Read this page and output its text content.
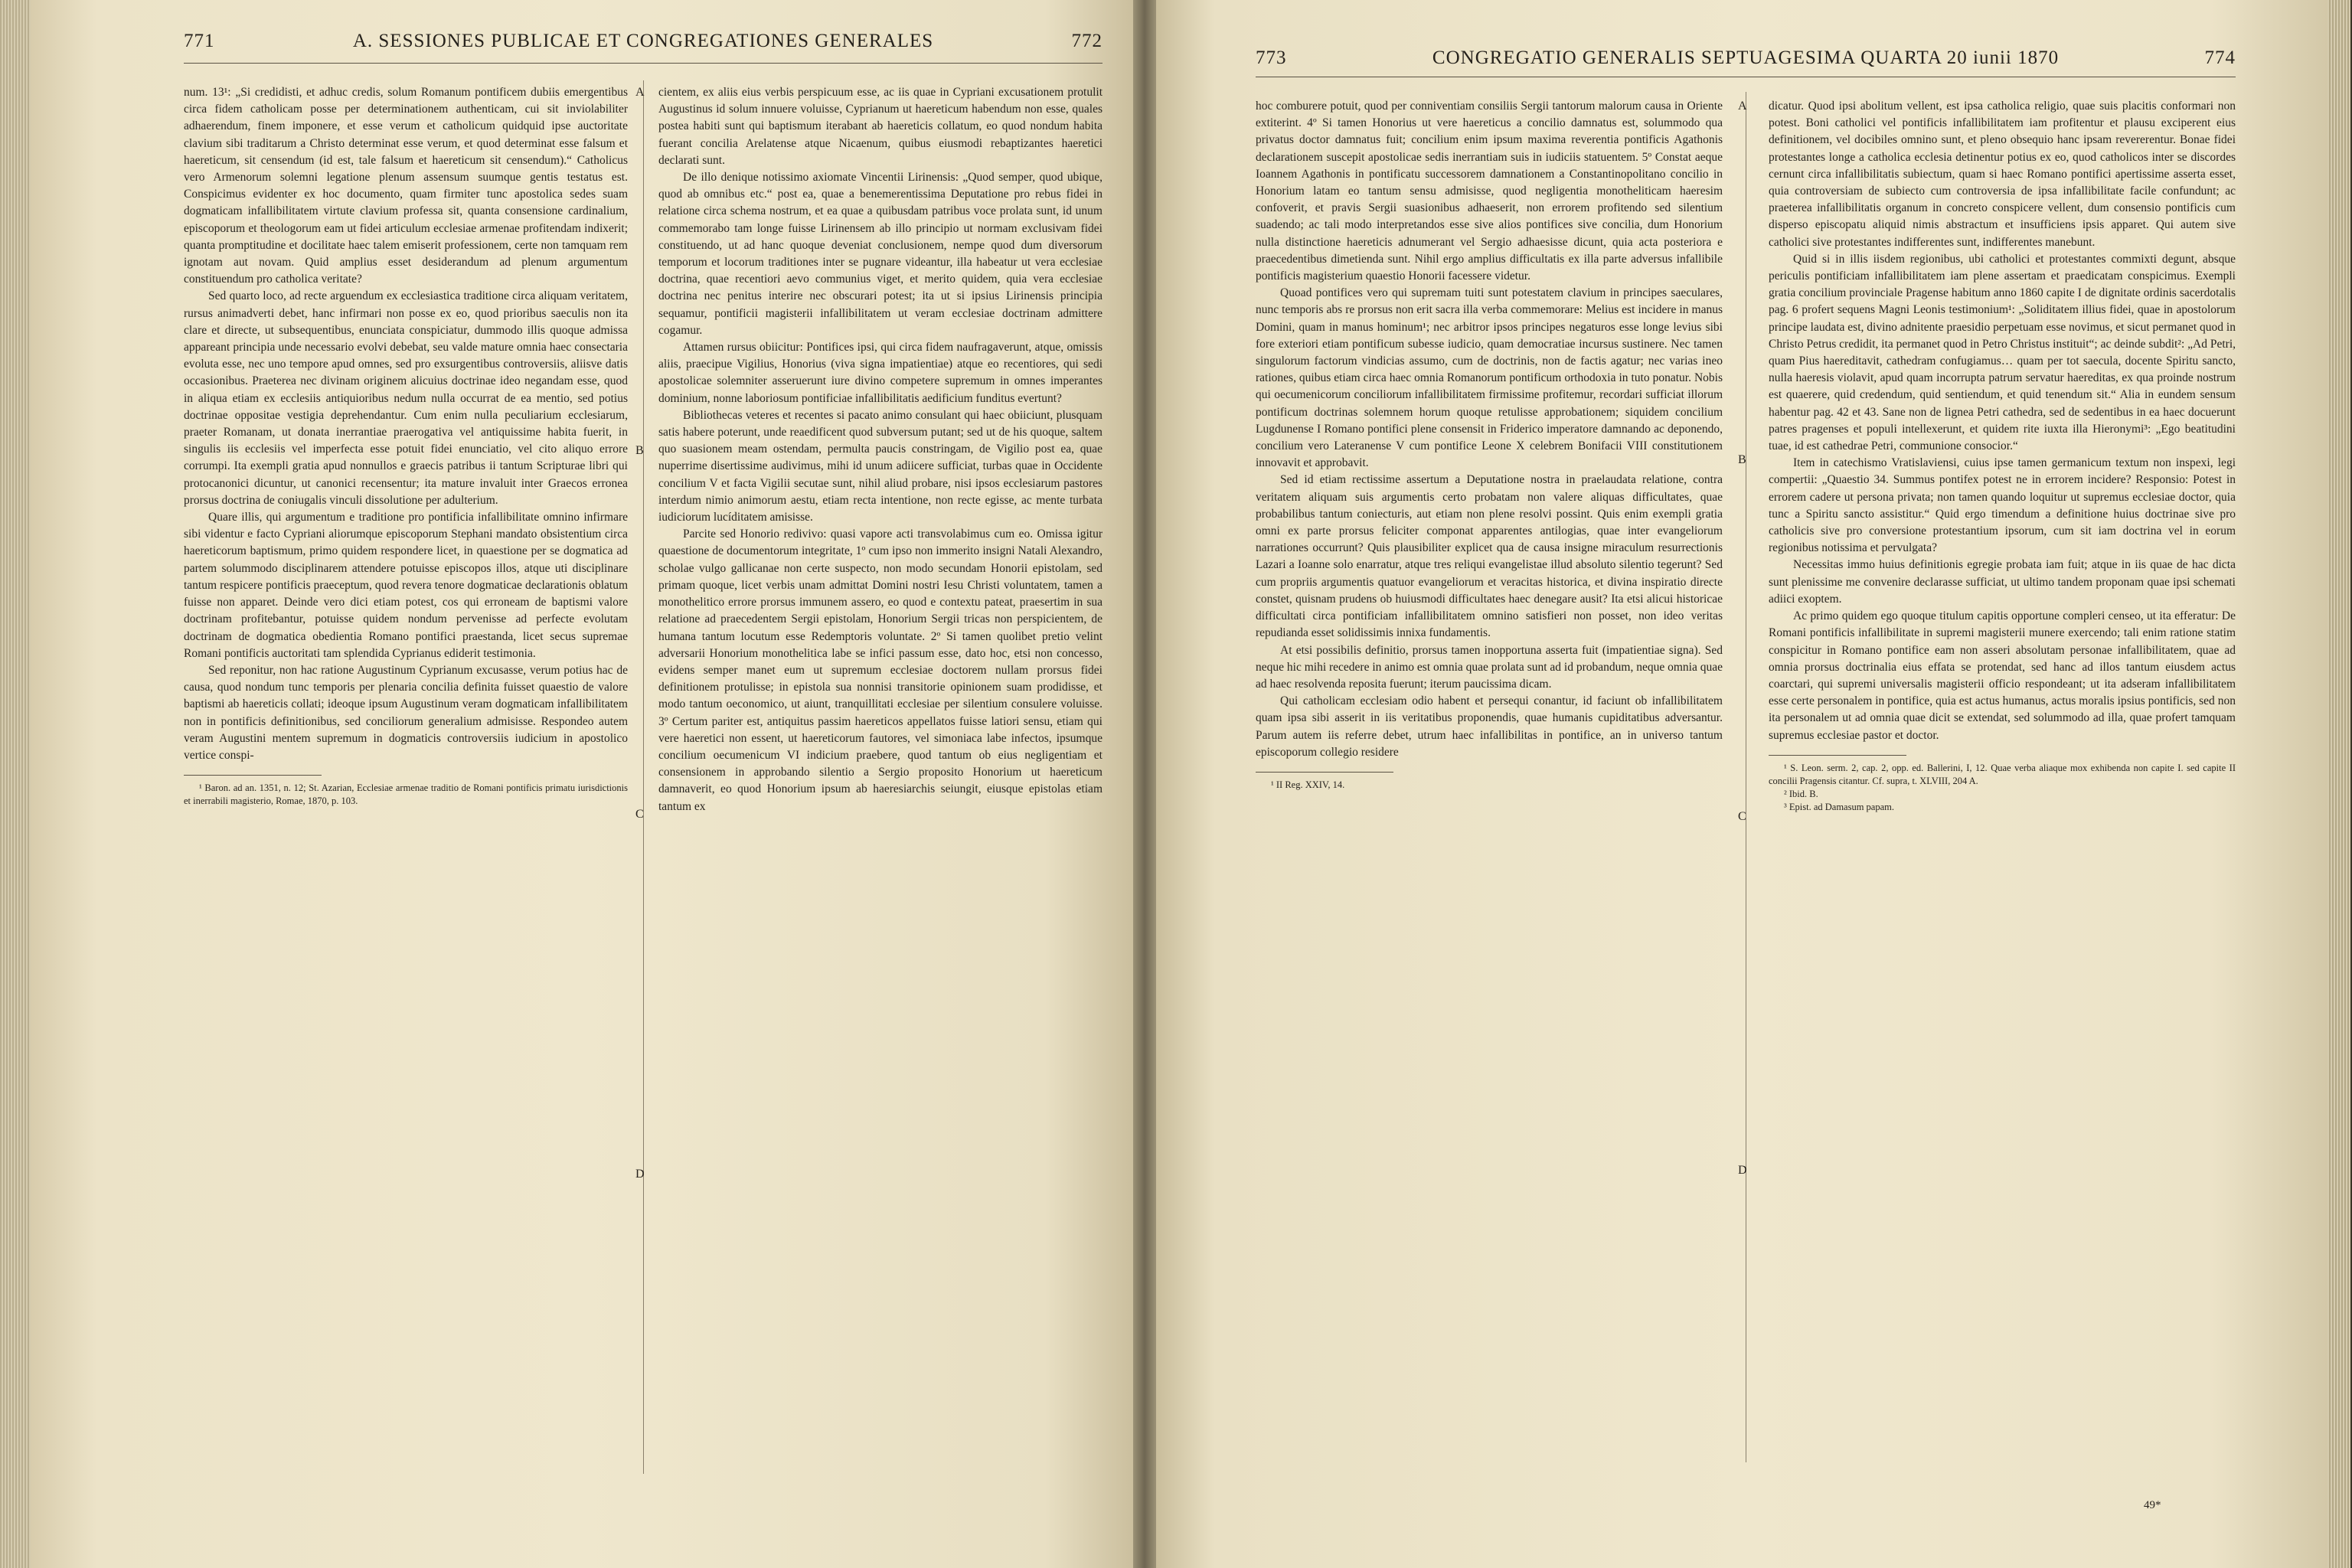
771	A. SESSIONES PUBLICAE ET CONGREGATIONES GENERALES	772
A
B
C
D

num. 13¹: „Si credidisti, et adhuc credis, solum Romanum pontificem dubiis emergentibus circa fidem catholicam posse per determinationem authenticam, cui sit inviolabiliter adhaerendum, finem imponere, et esse verum et catholicum quidquid ipse auctoritate clavium sibi traditarum a Christo determinat esse verum, et quod determinat esse falsum et haereticum, sit censendum (id est, tale falsum et haereticum sit censendum).“ Catholicus vero Armenorum solemni legatione plenum assensum suumque gentis testatus est. Conspicimus evidenter ex hoc documento, quam firmiter tunc apostolica sedes suam dogmaticam infallibilitatem virtute clavium professa sit, quanta consensione cardinalium, episcoporum et theologorum eam ut fidei articulum ecclesiae armenae profitendam indixerit; quanta promptitudine et docilitate haec talem emiserit professionem, certe non tamquam rem ignotam aut novam. Quid amplius esset desiderandum ad plenum argumentum constituendum pro catholica veritate?

Sed quarto loco, ad recte arguendum ex ecclesiastica traditione circa aliquam veritatem, rursus animadverti debet, hanc infirmari non posse ex eo, quod prioribus saeculis non ita clare et directe, ut subsequentibus, enunciata conspiciatur, dummodo illis quoque admissa appareant principia unde necessario evolvi debebat, seu valde mature omnia haec consectaria evoluta esse, nec uno tempore apud omnes, sed pro exsurgentibus controversiis, aliisve datis occasionibus. Praeterea nec divinam originem alicuius doctrinae ideo negandam esse, quod in aliqua etiam ex ecclesiis antiquioribus nedum nulla occurrat de ea mentio, sed potius doctrinae oppositae vestigia deprehendantur. Cum enim nulla peculiarium ecclesiarum, praeter Romanam, ut donata inerrantiae praerogativa vel antiquissime habita fuerit, in singulis iis ecclesiis vel imperfecta esse potuit fidei enunciatio, vel cito aliquo errore corrumpi. Ita exempli gratia apud nonnullos e graecis patribus ii tantum Scripturae libri qui protocanonici dicuntur, ut canonici recensentur; ita mature invaluit inter Graecos erronea prorsus doctrina de coniugalis vinculi dissolutione per adulterium.

Quare illis, qui argumentum e traditione pro pontificia infallibilitate omnino infirmare sibi videntur e facto Cypriani aliorumque episcoporum Stephani mandato obsistentium circa haereticorum baptismum, primo quidem respondere licet, in quaestione per se dogmatica ad partem solummodo disciplinarem attendere potuisse episcopos illos, atque uti disciplinare tantum respicere pontificis praeceptum, quod revera tenore dogmaticae declarationis oblatum fuisse non apparet. Deinde vero dici etiam potest, cos qui erroneam de baptismi valore doctrinam profitebantur, potuisse quidem nondum pervenisse ad perfecte evolutam doctrinam de dogmatica obedientia Romano pontifici praestanda, licet secus supremae Romani pontificis auctoritati tam splendida Cyprianus ediderit testimonia.

Sed reponitur, non hac ratione Augustinum Cyprianum excusasse, verum potius hac de causa, quod nondum tunc temporis per plenaria concilia definita fuisset quaestio de valore baptismi ab haereticis collati; ideoque ipsum Augustinum veram dogmaticam infallibilitatem non in pontificis definitionibus, sed conciliorum generalium admisisse. Respondeo autem veram Augustini mentem supremum in dogmaticis controversiis iudicium in apostolico vertice conspi-

¹ Baron. ad an. 1351, n. 12; St. Azarian, Ecclesiae armenae traditio de Romani pontificis primatu iurisdictionis et inerrabili magisterio, Romae, 1870, p. 103.

cientem, ex aliis eius verbis perspicuum esse, ac iis quae in Cypriani excusationem protulit Augustinus id solum innuere voluisse, Cyprianum ut haereticum habendum non esse, quales postea habiti sunt qui baptismum iterabant ab haereticis collatum, eo quod nondum habita fuerant concilia Arelatense atque Nicaenum, quibus eiusmodi rebaptizantes haeretici declarati sunt.

De illo denique notissimo axiomate Vincentii Lirinensis: „Quod semper, quod ubique, quod ab omnibus etc.“ post ea, quae a benemerentissima Deputatione pro rebus fidei in relatione circa schema nostrum, et ea quae a quibusdam patribus voce prolata sunt, id unum commemorabo tam longe fuisse Lirinensem ab illo principio ut normam exclusivam fidei constituendo, ut ad hanc quoque deveniat conclusionem, nempe quod dum diversorum temporum et locorum traditiones inter se pugnare videantur, illa habeatur ut vera ecclesiae doctrina, quae recentiori aevo communius viget, et merito quidem, quia vera ecclesiae doctrina nec penitus interire nec obscurari potest; ita ut si ipsius Lirinensis principia sequamur, pontificii magisterii infallibilitatem ut veram ecclesiae doctrinam admittere cogamur.

Attamen rursus obiicitur: Pontifices ipsi, qui circa fidem naufragaverunt, atque, omissis aliis, praecipue Vigilius, Honorius (viva signa impatientiae) atque eo recentiores, qui sedi apostolicae solemniter asseruerunt iure divino competere supremum in omnes imperantes dominium, nonne laboriosum pontificiae infallibilitatis aedificium funditus evertunt?

Bibliothecas veteres et recentes si pacato animo consulant qui haec obiiciunt, plusquam satis habere poterunt, unde reaedificent quod subversum putant; sed ut de his quoque, saltem quo suasionem meam ostendam, permulta paucis constringam, de Vigilio post ea, quae nuperrime disertissime audivimus, mihi id unum adiicere sufficiat, turbas quae in Occidente concilium V et facta Vigilii secutae sunt, nihil aliud probare, nisi ipsos ecclesiarum pastores interdum nimio animorum aestu, etiam recta intentione, non recte egisse, ac mente turbata iudiciorum lucíditatem amisisse.

Parcite sed Honorio redivivo: quasi vapore acti transvolabimus cum eo. Omissa igitur quaestione de documentorum integritate, 1º cum ipso non immerito insigni Natali Alexandro, scholae vulgo gallicanae non certe suspecto, non modo secundam Honorii epistolam, sed primam quoque, licet verbis unam admittat Domini nostri Iesu Christi voluntatem, tamen a monothelitico errore prorsus immunem assero, eo quod e contextu pateat, praesertim in sua relatione ad praecedentem Sergii epistolam, Honorium Sergii tricas non perspicientem, de humana tantum locutum esse Redemptoris voluntate. 2º Si tamen quolibet pretio velint adversarii Honorium monothelitica labe se infici passum esse, dato hoc, etsi non concesso, evidens semper manet eum ut supremum ecclesiae doctorem nullam prorsus fidei definitionem protulisse; in epistola sua nonnisi transitorie opinionem suam prodidisse, et modo tantum oeconomico, ut aiunt, tranquillitati ecclesiae per silentium consulere voluisse. 3º Certum pariter est, antiquitus passim haereticos appellatos fuisse latiori sensu, etiam qui vere haeretici non essent, ut haereticorum fautores, vel simoniaca labe infectos, ipsumque concilium oecumenicum VI indicium praebere, quod tantum ob eius negligentiam et consensionem in approbando silentio a Sergio proposito Honorium ut haereticum damnaverit, eo quod Honorium ipsum ab haeresiarchis seiungit, eiusque epistolas etiam tantum ex

773	CONGREGATIO GENERALIS SEPTUAGESIMA QUARTA 20 iunii 1870	774
A
B
C
D

hoc comburere potuit, quod per conniventiam consiliis Sergii tantorum malorum causa in Oriente extiterint. 4º Si tamen Honorius ut vere haereticus a concilio damnatus est, solummodo qua privatus doctor damnatus fuit; concilium enim ipsum maxima reverentia pontificis Agathonis declarationem suscepit apostolicae sedis inerrantiam suis in iudiciis statuentem. 5º Constat aeque Ioannem Agathonis in pontificatu successorem damnationem a Constantinopolitano concilio in Honorium latam eo tantum sensu admisisse, quod negligentia monotheliticam haeresim confoverit, et pravis Sergii suasionibus adhaeserit, non errorem profitendo sed silentium suadendo; ac tali modo interpretandos esse sive alios pontifices sive concilia, dum Honorium nulla distinctione haereticis adnumerant vel Sergio adhaesisse dicunt, quia acta posteriora e praecedentibus dimetienda sunt. Nihil ergo amplius difficultatis ex illa parte adversus infallibile pontificis magisterium quaestio Honorii facessere videtur.

Quoad pontifices vero qui supremam tuiti sunt potestatem clavium in principes saeculares, nunc temporis abs re prorsus non erit sacra illa verba commemorare: Melius est incidere in manus Domini, quam in manus hominum¹; nec arbitror ipsos principes negaturos esse longe levius sibi fore exteriori etiam pontificum subesse iudicio, quam democratiae incursus sustinere. Nec tamen singulorum factorum vindicias assumo, cum de doctrinis, non de factis agatur; nec varias ineo rationes, quibus etiam circa haec omnia Romanorum pontificum orthodoxia in tuto ponatur. Nobis qui oecumenicorum conciliorum infallibilitatem firmissime profitemur, recordari sufficiat illorum pontificum doctrinas solemnem horum quoque retulisse approbationem; siquidem concilium Lugdunense I Romano pontifici plene consensit in Friderico imperatore damnando ac deponendo, concilium vero Lateranense V cum pontifice Leone X celebrem Bonifacii VIII constitutionem innovavit et approbavit.

Sed id etiam rectissime assertum a Deputatione nostra in praelaudata relatione, contra veritatem aliquam suis argumentis certo probatam non valere aliquas difficultates, quae probabilibus tantum coniecturis, aut etiam non plene resolvi possint. Quis enim exempli gratia omni ex parte prorsus feliciter componat apparentes antilogias, quae inter evangeliorum narrationes occurrunt? Quis plausibiliter explicet qua de causa insigne miraculum resurrectionis Lazari a Ioanne solo enarratur, atque tres reliqui evangelistae illud absoluto silentio tegerunt? Sed cum propriis argumentis quatuor evangeliorum et veracitas historica, et divina inspiratio directe constet, quisnam prudens ob huiusmodi difficultates haec denegare ausit? Ita etsi alicui historicae difficultati circa pontificiam infallibilitatem omnino satisfieri non posset, non ideo veritas repudianda esset solidissimis innixa fundamentis.

At etsi possibilis definitio, prorsus tamen inopportuna asserta fuit (impatientiae signa). Sed neque hic mihi recedere in animo est omnia quae prolata sunt ad id probandum, neque omnia quae ad haec resolvenda reposita fuerunt; iterum paucissima dicam.

Qui catholicam ecclesiam odio habent et persequi conantur, id faciunt ob infallibilitatem quam ipsa sibi asserit in iis veritatibus proponendis, quae humanis cupiditatibus adversantur. Parum autem iis referre debet, utrum haec infallibilitas in pontifice, an in universo tantum episcoporum collegio residere

¹ II Reg. XXIV, 14.

dicatur. Quod ipsi abolitum vellent, est ipsa catholica religio, quae suis placitis conformari non potest. Boni catholici vel pontificis infallibilitatem iam profitentur et plausu exciperent eius definitionem, vel docibiles omnino sunt, et pleno obsequio hanc ipsam revererentur. Bonae fidei protestantes longe a catholica ecclesia detinentur potius ex eo, quod catholicos inter se discordes cernunt circa infallibilitatis subiectum, quam si haec Romano pontifici apertissime asserta esset, quia controversiam de subiecto cum controversia de ipsa infallibilitate facile confundunt; ac praeterea infallibilitatis organum in concreto conspicere vellent, dum consensio pontificis cum disperso episcopatu aliquid nimis abstractum et insufficiens ipsis apparet. Qui autem sive catholici sive protestantes indifferentes sunt, indifferentes manebunt.

Quid si in illis iisdem regionibus, ubi catholici et protestantes commixti degunt, absque periculis pontificiam infallibilitatem iam plene assertam et praedicatam conspicimus. Exempli gratia concilium provinciale Pragense habitum anno 1860 capite I de dignitate ordinis sacerdotalis pag. 6 profert sequens Magni Leonis testimonium¹: „Soliditatem illius fidei, quae in apostolorum principe laudata est, divino adnitente praesidio perpetuam esse novimus, et sicut permanet quod in Christo Petrus credidit, ita permanet quod in Petro Christus instituit“; ac deinde subdit²: „Ad Petri, quam Pius haereditavit, cathedram confugiamus… quam per tot saecula, docente Spiritu sancto, nulla haeresis violavit, apud quam incorrupta patrum servatur haereditas, ex qua proinde nostrum est quaerere, quid credendum, quid sentiendum, et quid tenendum sit.“ Alia in eundem sensum habentur pag. 42 et 43. Sane non de lignea Petri cathedra, sed de sedentibus in ea haec docuerunt patres pragenses et populi intellexerunt, et quidem rite iuxta illa Hieronymi³: „Ego beatitudini tuae, id est cathedrae Petri, communione consocior.“

Item in catechismo Vratislaviensi, cuius ipse tamen germanicum textum non inspexi, legi compertii: „Quaestio 34. Summus pontifex potest ne in errorem incidere? Responsio: Potest in errorem cadere ut persona privata; non tamen quando loquitur ut supremus ecclesiae doctor, quia tunc a Spiritu sancto assistitur.“ Quid ergo timendum a definitione huius doctrinae sive pro catholicis sive pro conversione protestantium ipsorum, cum sit iam doctrina vel in eorum regionibus notissima et pervulgata?

Necessitas immo huius definitionis egregie probata iam fuit; atque in iis quae de hac dicta sunt plenissime me convenire declarasse sufficiat, ut ultimo tandem proponam quae ipsi schemati adiici exoptem.

Ac primo quidem ego quoque titulum capitis opportune compleri censeo, ut ita efferatur: De Romani pontificis infallibilitate in supremi magisterii munere exercendo; tali enim ratione statim conspicitur in Romano pontifice eam non asseri absolutam personae infallibilitatem, quae ad omnia prorsus doctrinalia eius effata se protendat, sed hanc ad illos tantum eiusdem actus coarctari, qui supremi universalis magisterii officio respondeant; ut ita adseram infallibilitatem esse certe personalem in pontifice, quia est actus humanus, actus moralis ipsius pontificis, sed non ita personalem ut ad omnia quae dicit se extendat, sed solummodo ad illa, quae profert tamquam supremus ecclesiae pastor et doctor.

¹ S. Leon. serm. 2, cap. 2, opp. ed. Ballerini, I, 12. Quae verba aliaque mox exhibenda non capite I. sed capite II concilii Pragensis citantur. Cf. supra, t. XLVIII, 204 A.
² Ibid. B.
³ Epist. ad Damasum papam.
49*
